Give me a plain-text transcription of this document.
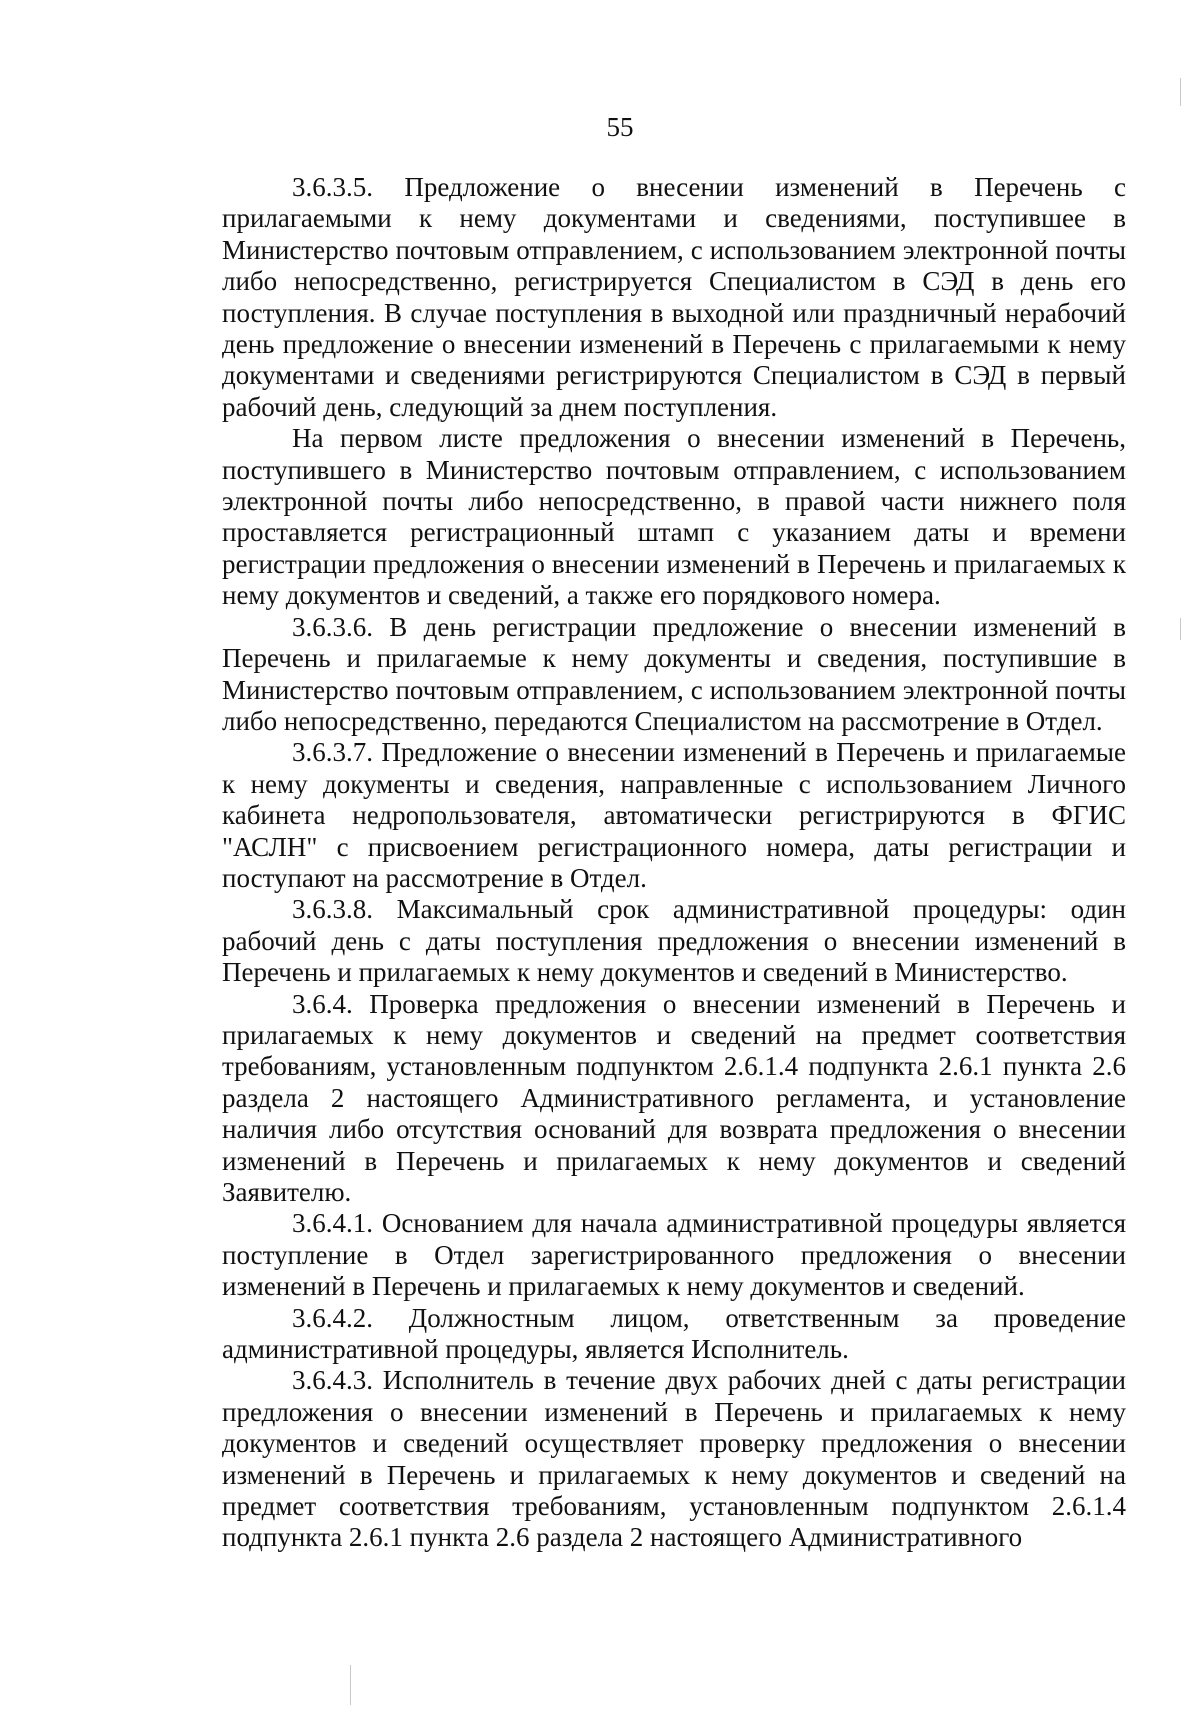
55

3.6.3.5. Предложение о внесении изменений в Перечень с прилагаемыми к нему документами и сведениями, поступившее в Министерство почтовым отправлением, с использованием электронной почты либо непосредственно, регистрируется Специалистом в СЭД в день его поступления. В случае поступления в выходной или праздничный нерабочий день предложение о внесении изменений в Перечень с прилагаемыми к нему документами и сведениями регистрируются Специалистом в СЭД в первый рабочий день, следующий за днем поступления.

На первом листе предложения о внесении изменений в Перечень, поступившего в Министерство почтовым отправлением, с использованием электронной почты либо непосредственно, в правой части нижнего поля проставляется регистрационный штамп с указанием даты и времени регистрации предложения о внесении изменений в Перечень и прилагаемых к нему документов и сведений, а также его порядкового номера.

3.6.3.6. В день регистрации предложение о внесении изменений в Перечень и прилагаемые к нему документы и сведения, поступившие в Министерство почтовым отправлением, с использованием электронной почты либо непосредственно, передаются Специалистом на рассмотрение в Отдел.

3.6.3.7. Предложение о внесении изменений в Перечень и прилагаемые к нему документы и сведения, направленные с использованием Личного кабинета недропользователя, автоматически регистрируются в ФГИС "АСЛН" с присвоением регистрационного номера, даты регистрации и поступают на рассмотрение в Отдел.

3.6.3.8. Максимальный срок административной процедуры: один рабочий день с даты поступления предложения о внесении изменений в Перечень и прилагаемых к нему документов и сведений в Министерство.

3.6.4. Проверка предложения о внесении изменений в Перечень и прилагаемых к нему документов и сведений на предмет соответствия требованиям, установленным подпунктом 2.6.1.4 подпункта 2.6.1 пункта 2.6 раздела 2 настоящего Административного регламента, и установление наличия либо отсутствия оснований для возврата предложения о внесении изменений в Перечень и прилагаемых к нему документов и сведений Заявителю.

3.6.4.1. Основанием для начала административной процедуры является поступление в Отдел зарегистрированного предложения о внесении изменений в Перечень и прилагаемых к нему документов и сведений.

3.6.4.2. Должностным лицом, ответственным за проведение административной процедуры, является Исполнитель.

3.6.4.3. Исполнитель в течение двух рабочих дней с даты регистрации предложения о внесении изменений в Перечень и прилагаемых к нему документов и сведений осуществляет проверку предложения о внесении изменений в Перечень и прилагаемых к нему документов и сведений на предмет соответствия требованиям, установленным подпунктом 2.6.1.4 подпункта 2.6.1 пункта 2.6 раздела 2 настоящего Административного
